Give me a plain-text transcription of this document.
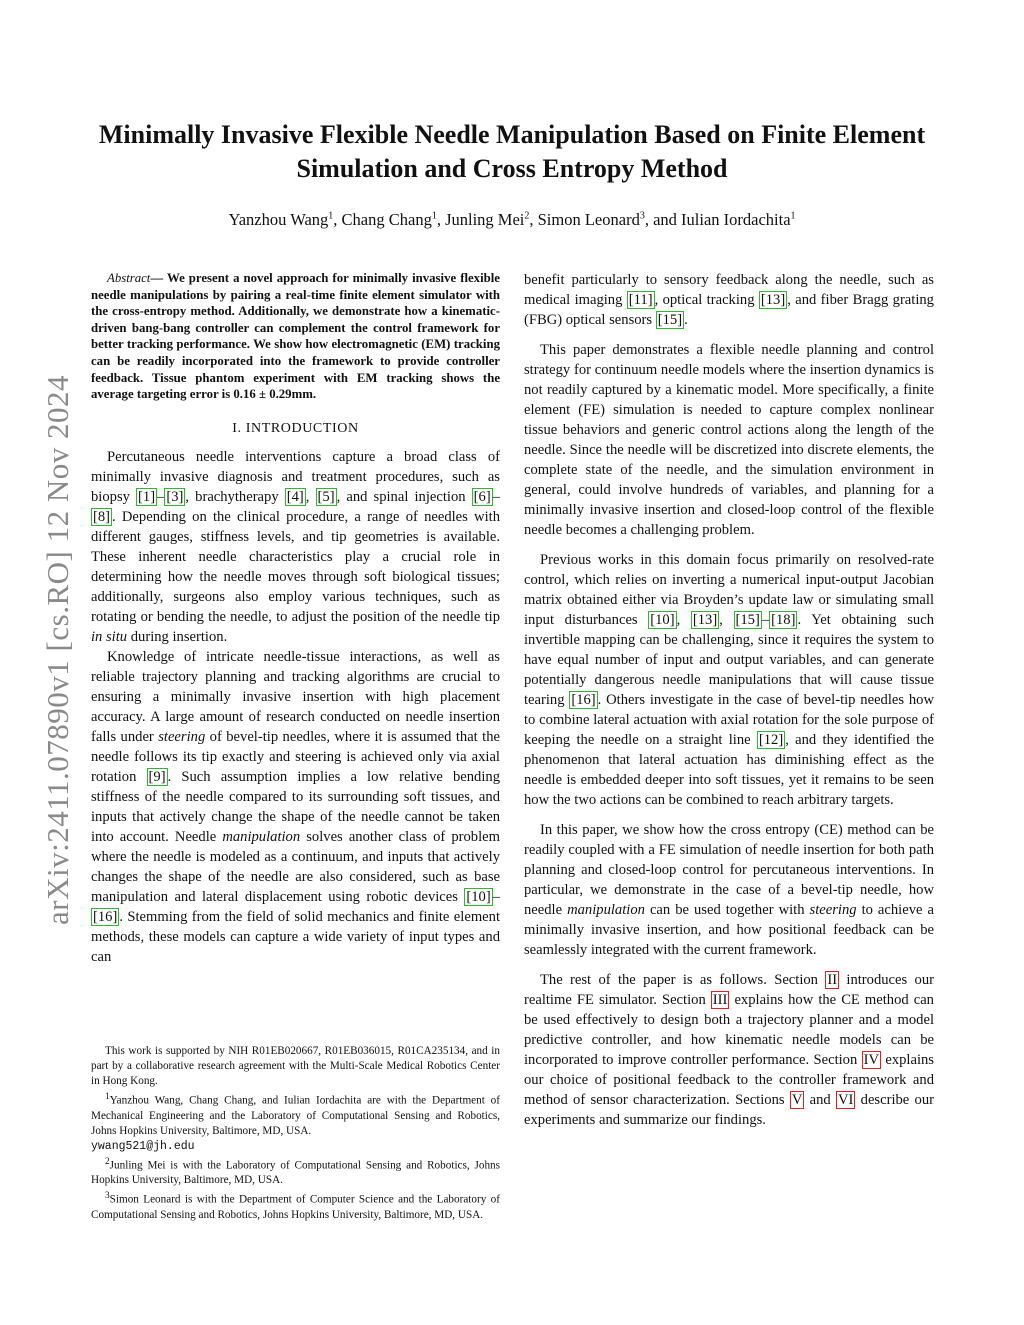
arXiv:2411.07890v1 [cs.RO] 12 Nov 2024
Minimally Invasive Flexible Needle Manipulation Based on Finite Element Simulation and Cross Entropy Method
Yanzhou Wang$^1$, Chang Chang$^1$, Junling Mei$^2$, Simon Leonard$^3$, and Iulian Iordachita$^1$

Abstract— We present a novel approach for minimally invasive flexible needle manipulations by pairing a real-time finite element simulator with the cross-entropy method. Additionally, we demonstrate how a kinematic-driven bang-bang controller can complement the control framework for better tracking performance. We show how electromagnetic (EM) tracking can be readily incorporated into the framework to provide controller feedback. Tissue phantom experiment with EM tracking shows the average targeting error is 0.16 ± 0.29mm.

I. INTRODUCTION

Percutaneous needle interventions capture a broad class of minimally invasive diagnosis and treatment procedures, such as biopsy [1] – [3] , brachytherapy [4] , [5] , and spinal injection [6] –[8] . Depending on the clinical procedure, a range of needles with different gauges, stiffness levels, and tip geometries is available. These inherent needle characteristics play a crucial role in determining how the needle moves through soft biological tissues; additionally, surgeons also employ various techniques, such as rotating or bending the needle, to adjust the position of the needle tip in situ during insertion.

Knowledge of intricate needle-tissue interactions, as well as reliable trajectory planning and tracking algorithms are crucial to ensuring a minimally invasive insertion with high placement accuracy. A large amount of research conducted on needle insertion falls under steering of bevel-tip needles, where it is assumed that the needle follows its tip exactly and steering is achieved only via axial rotation [9] . Such assumption implies a low relative bending stiffness of the needle compared to its surrounding soft tissues, and inputs that actively change the shape of the needle cannot be taken into account. Needle manipulation solves another class of problem where the needle is modeled as a continuum, and inputs that actively changes the shape of the needle are also considered, such as base manipulation and lateral displacement using robotic devices [10] –[16] . Stemming from the field of solid mechanics and finite element methods, these models can capture a wide variety of input types and can

This work is supported by NIH R01EB020667, R01EB036015, R01CA235134, and in part by a collaborative research agreement with the Multi-Scale Medical Robotics Center in Hong Kong.

$^1$Yanzhou Wang, Chang Chang, and Iulian Iordachita are with the Department of Mechanical Engineering and the Laboratory of Computational Sensing and Robotics, Johns Hopkins University, Baltimore, MD, USA.
ywang521@jh.edu

$^2$Junling Mei is with the Laboratory of Computational Sensing and Robotics, Johns Hopkins University, Baltimore, MD, USA.

$^3$Simon Leonard is with the Department of Computer Science and the Laboratory of Computational Sensing and Robotics, Johns Hopkins University, Baltimore, MD, USA.

benefit particularly to sensory feedback along the needle, such as medical imaging [11] , optical tracking [13] , and fiber Bragg grating (FBG) optical sensors [15] .

This paper demonstrates a flexible needle planning and control strategy for continuum needle models where the insertion dynamics is not readily captured by a kinematic model. More specifically, a finite element (FE) simulation is needed to capture complex nonlinear tissue behaviors and generic control actions along the length of the needle. Since the needle will be discretized into discrete elements, the complete state of the needle, and the simulation environment in general, could involve hundreds of variables, and planning for a minimally invasive insertion and closed-loop control of the flexible needle becomes a challenging problem.

Previous works in this domain focus primarily on resolved-rate control, which relies on inverting a numerical input-output Jacobian matrix obtained either via Broyden’s update law or simulating small input disturbances [10] , [13] , [15] – [18] . Yet obtaining such invertible mapping can be challenging, since it requires the system to have equal number of input and output variables, and can generate potentially dangerous needle manipulations that will cause tissue tearing [16] . Others investigate in the case of bevel-tip needles how to combine lateral actuation with axial rotation for the sole purpose of keeping the needle on a straight line [12] , and they identified the phenomenon that lateral actuation has diminishing effect as the needle is embedded deeper into soft tissues, yet it remains to be seen how the two actions can be combined to reach arbitrary targets.

In this paper, we show how the cross entropy (CE) method can be readily coupled with a FE simulation of needle insertion for both path planning and closed-loop control for percutaneous interventions. In particular, we demonstrate in the case of a bevel-tip needle, how needle manipulation can be used together with steering to achieve a minimally invasive insertion, and how positional feedback can be seamlessly integrated with the current framework.

The rest of the paper is as follows. Section II introduces our realtime FE simulator. Section III explains how the CE method can be used effectively to design both a trajectory planner and a model predictive controller, and how kinematic needle models can be incorporated to improve controller performance. Section IV explains our choice of positional feedback to the controller framework and method of sensor characterization. Sections V and VI describe our experiments and summarize our findings.
